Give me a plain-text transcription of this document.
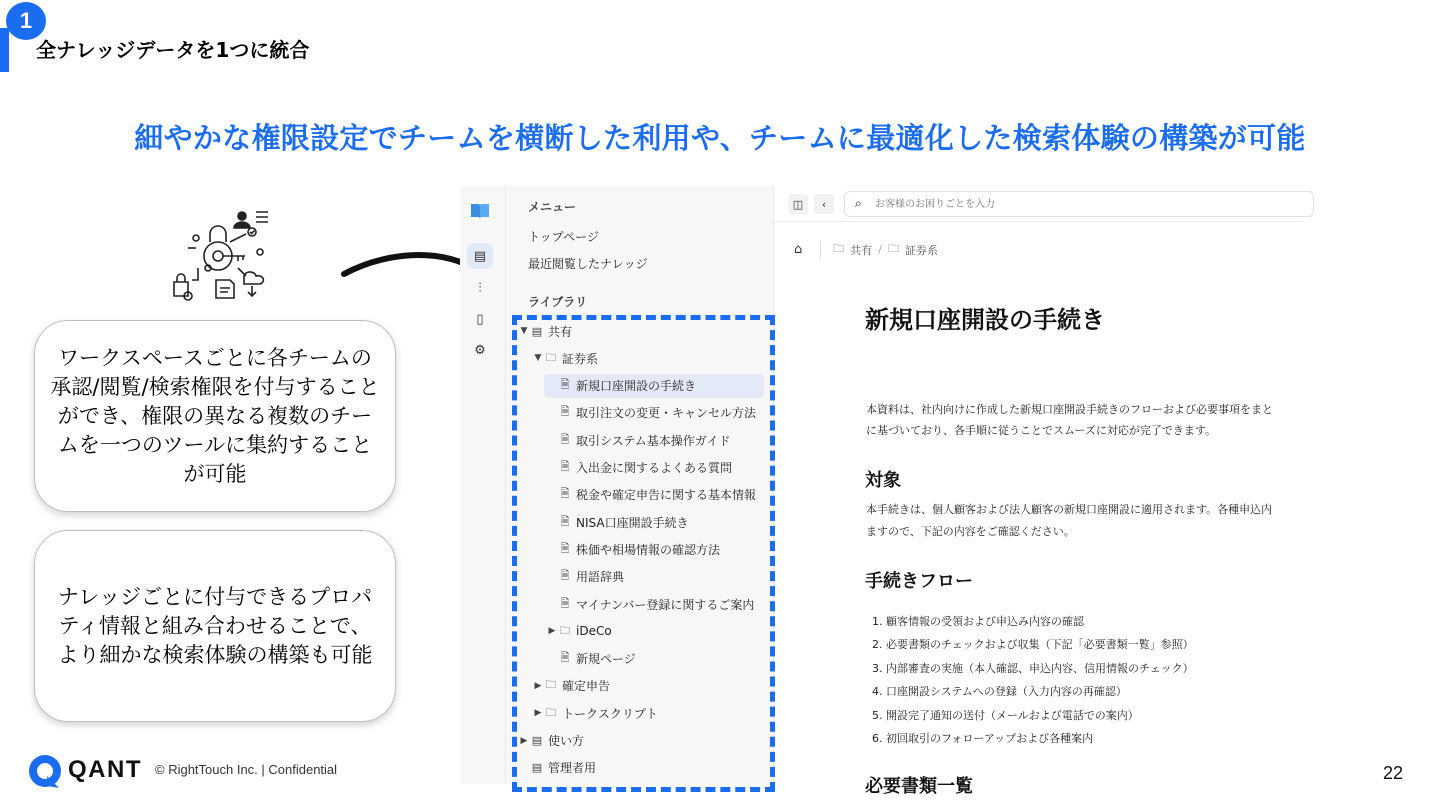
1
全ナレッジデータを1つに統合
細やかな権限設定でチームを横断した利用や、チームに最適化した検索体験の構築が可能
ワークスペースごとに各チームの承認/閲覧/検索権限を付与することができ、権限の異なる複数のチームを一つのツールに集約することが可能
ナレッジごとに付与できるプロパティ情報と組み合わせることで、より細かな検索体験の構築も可能
▤
⫶
▯
⚙
メニュー
トップページ
最近閲覧したナレッジ
ライブラリ
▼ ▤ 共有
▼ 🗀 証券系
🗎 新規口座開設の手続き
🗎 取引注文の変更・キャンセル方法
🗎 取引システム基本操作ガイド
🗎 入出金に関するよくある質問
🗎 税金や確定申告に関する基本情報
🗎 NISA口座開設手続き
🗎 株価や相場情報の確認方法
🗎 用語辞典
🗎 マイナンバー登録に関するご案内
▶ 🗀 iDeCo
🗎 新規ページ
▶ 🗀 確定申告
▶ 🗀 トークスクリプト
▶ ▤ 使い方
▤ 管理者用
◫	‹	⌕
お客様のお困りごとを入力
⌂	🗀 共有 / 🗀 証券系
新規口座開設の手続き
本資料は、社内向けに作成した新規口座開設手続きのフローおよび必要事項をまと
に基づいており、各手順に従うことでスムーズに対応が完了できます。
対象
本手続きは、個人顧客および法人顧客の新規口座開設に適用されます。各種申込内
ますので、下記の内容をご確認ください。
手続きフロー
1. 顧客情報の受領および申込み内容の確認
2. 必要書類のチェックおよび収集（下記「必要書類一覧」参照）
3. 内部審査の実施（本人確認、申込内容、信用情報のチェック）
4. 口座開設システムへの登録（入力内容の再確認）
5. 開設完了通知の送付（メールおよび電話での案内）
6. 初回取引のフォローアップおよび各種案内
必要書類一覧
QANT © RightTouch Inc. | Confidential	22
